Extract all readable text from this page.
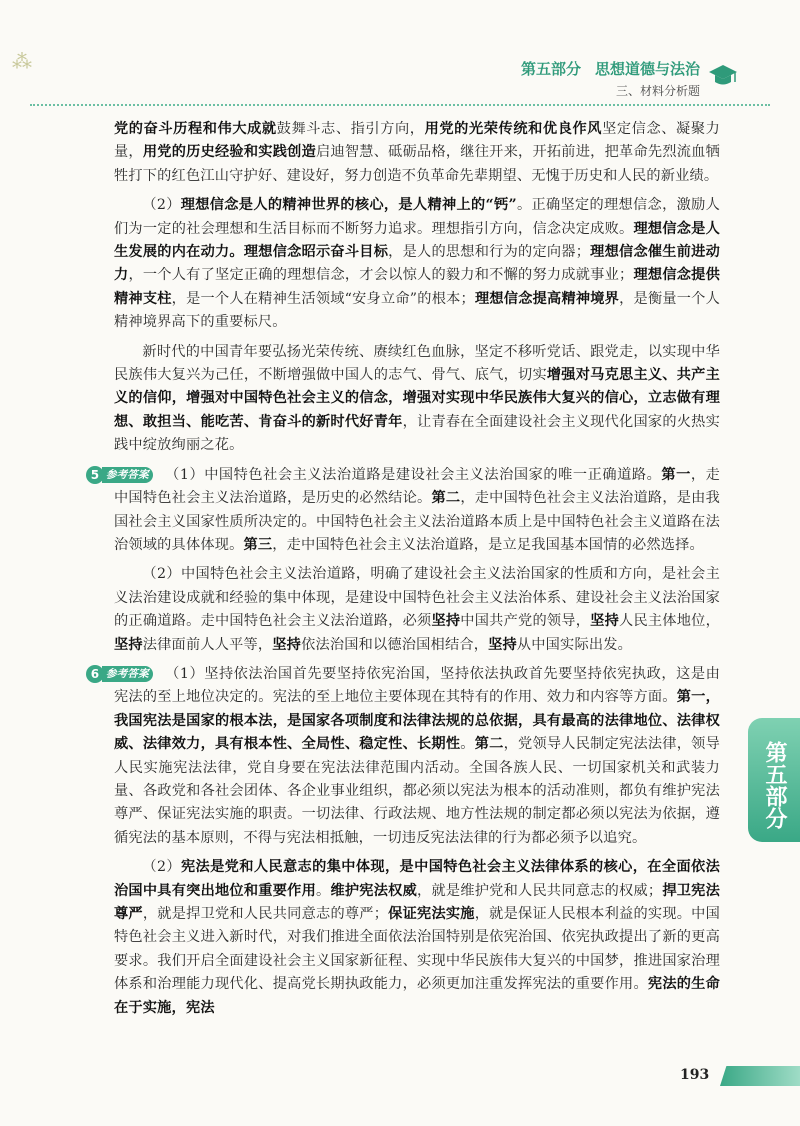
⁂	第五部分 思想道德与法治
三、材料分析题

党的奋斗历程和伟大成就鼓舞斗志、指引方向，用党的光荣传统和优良作风坚定信念、凝聚力量，用党的历史经验和实践创造启迪智慧、砥砺品格，继往开来，开拓前进，把革命先烈流血牺牲打下的红色江山守护好、建设好，努力创造不负革命先辈期望、无愧于历史和人民的新业绩。

（2）理想信念是人的精神世界的核心，是人精神上的“钙”。正确坚定的理想信念，激励人们为一定的社会理想和生活目标而不断努力追求。理想指引方向，信念决定成败。理想信念是人生发展的内在动力。理想信念昭示奋斗目标，是人的思想和行为的定向器；理想信念催生前进动力，一个人有了坚定正确的理想信念，才会以惊人的毅力和不懈的努力成就事业；理想信念提供精神支柱，是一个人在精神生活领域“安身立命”的根本；理想信念提高精神境界，是衡量一个人精神境界高下的重要标尺。

新时代的中国青年要弘扬光荣传统、赓续红色血脉，坚定不移听党话、跟党走，以实现中华民族伟大复兴为己任，不断增强做中国人的志气、骨气、底气，切实增强对马克思主义、共产主义的信仰，增强对中国特色社会主义的信念，增强对实现中华民族伟大复兴的信心，立志做有理想、敢担当、能吃苦、肯奋斗的新时代好青年，让青春在全面建设社会主义现代化国家的火热实践中绽放绚丽之花。

5 参考答案	（1）中国特色社会主义法治道路是建设社会主义法治国家的唯一正确道路。第一，走中国特色社会主义法治道路，是历史的必然结论。第二，走中国特色社会主义法治道路，是由我国社会主义国家性质所决定的。中国特色社会主义法治道路本质上是中国特色社会主义道路在法治领域的具体体现。第三，走中国特色社会主义法治道路，是立足我国基本国情的必然选择。

（2）中国特色社会主义法治道路，明确了建设社会主义法治国家的性质和方向，是社会主义法治建设成就和经验的集中体现，是建设中国特色社会主义法治体系、建设社会主义法治国家的正确道路。走中国特色社会主义法治道路，必须坚持中国共产党的领导，坚持人民主体地位，坚持法律面前人人平等，坚持依法治国和以德治国相结合，坚持从中国实际出发。

6 参考答案	（1）坚持依法治国首先要坚持依宪治国，坚持依法执政首先要坚持依宪执政，这是由宪法的至上地位决定的。宪法的至上地位主要体现在其特有的作用、效力和内容等方面。第一，我国宪法是国家的根本法，是国家各项制度和法律法规的总依据，具有最高的法律地位、法律权威、法律效力，具有根本性、全局性、稳定性、长期性。第二，党领导人民制定宪法法律，领导人民实施宪法法律，党自身要在宪法法律范围内活动。全国各族人民、一切国家机关和武装力量、各政党和各社会团体、各企业事业组织，都必须以宪法为根本的活动准则，都负有维护宪法尊严、保证宪法实施的职责。一切法律、行政法规、地方性法规的制定都必须以宪法为依据，遵循宪法的基本原则，不得与宪法相抵触，一切违反宪法法律的行为都必须予以追究。

（2）宪法是党和人民意志的集中体现，是中国特色社会主义法律体系的核心，在全面依法治国中具有突出地位和重要作用。维护宪法权威，就是维护党和人民共同意志的权威；捍卫宪法尊严，就是捍卫党和人民共同意志的尊严；保证宪法实施，就是保证人民根本利益的实现。中国特色社会主义进入新时代，对我们推进全面依法治国特别是依宪治国、依宪执政提出了新的更高要求。我们开启全面建设社会主义国家新征程、实现中华民族伟大复兴的中国梦，推进国家治理体系和治理能力现代化、提高党长期执政能力，必须更加注重发挥宪法的重要作用。宪法的生命在于实施，宪法

第五部分
193
